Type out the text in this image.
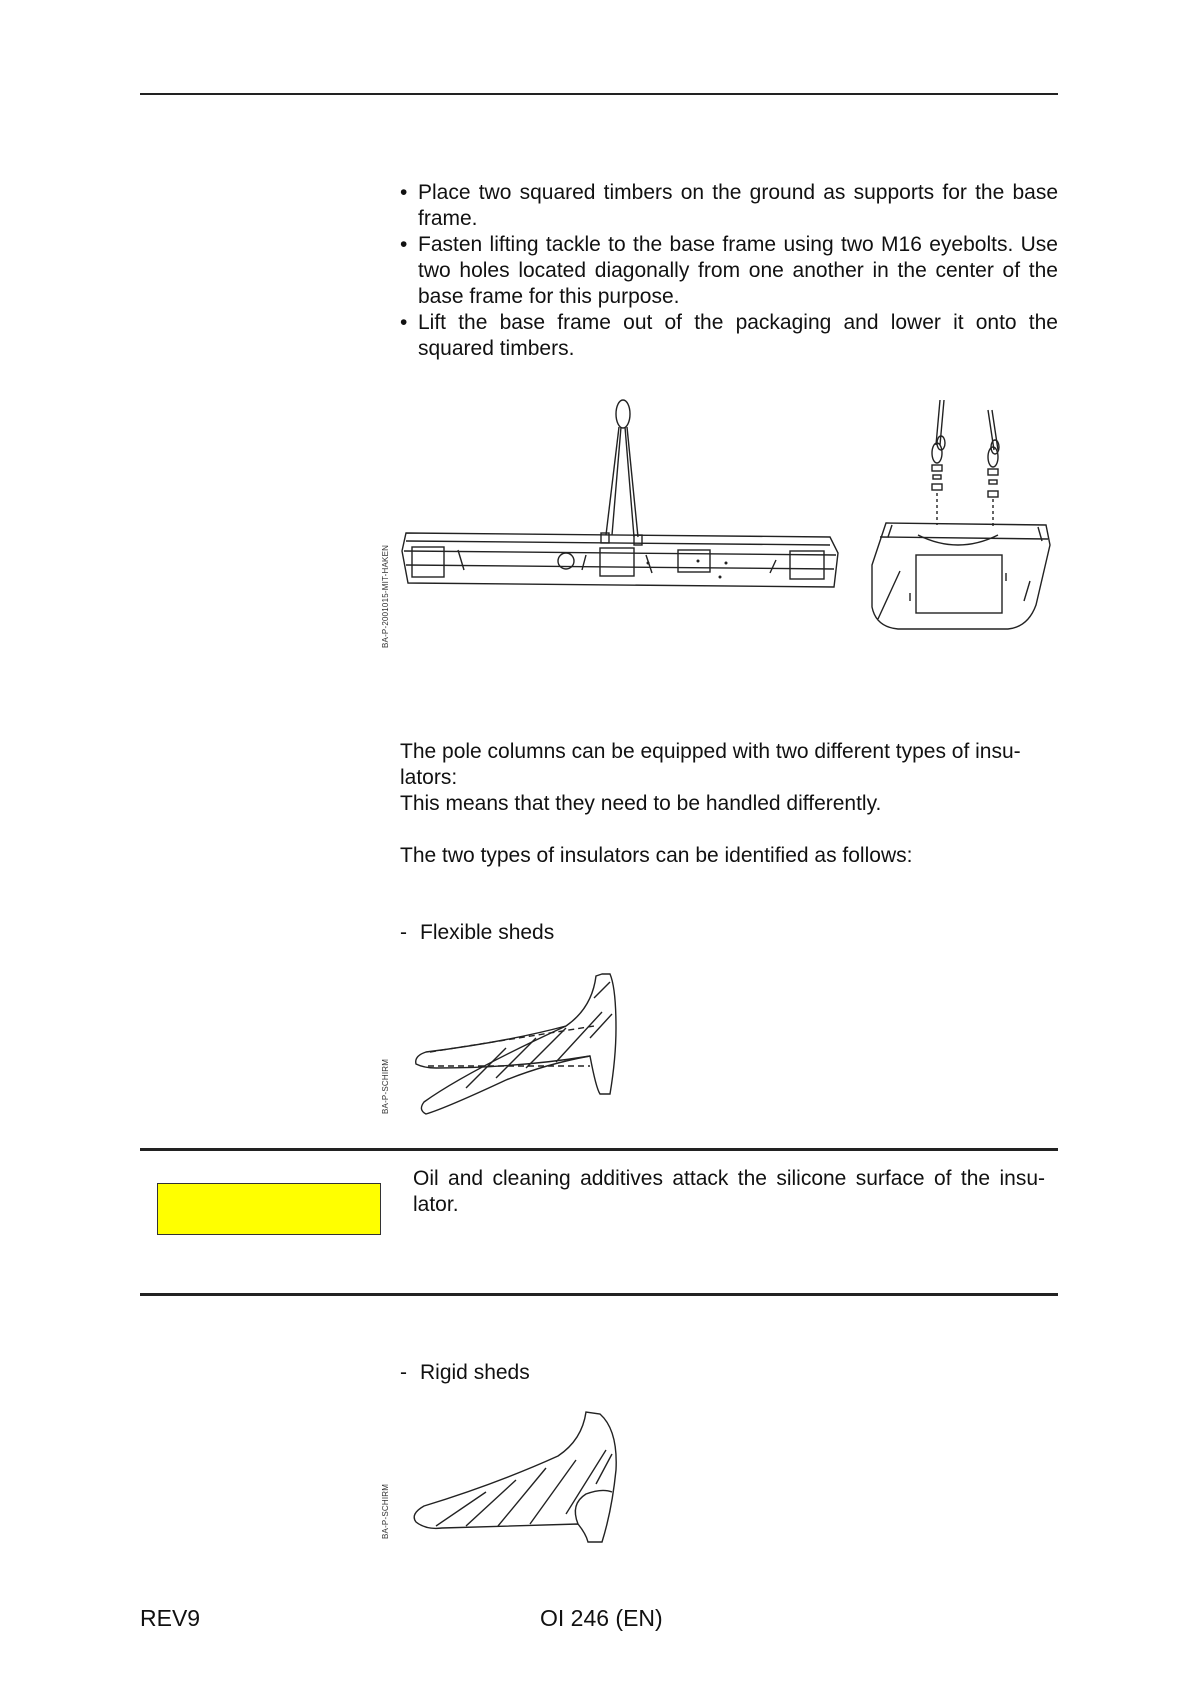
• Place two squared timbers on the ground as supports for the base frame.
• Fasten lifting tackle to the base frame using two M16 eyebolts. Use two holes located diagonally from one another in the center of the base frame for this purpose.
• Lift the base frame out of the packaging and lower it onto the squared timbers.
BA-P-2001015-MIT-HAKEN
The pole columns can be equipped with two different types of insu-lators:
This means that they need to be handled differently.
The two types of insulators can be identified as follows:
- Flexible sheds
BA-P-SCHIRM
Oil and cleaning additives attack the silicone surface of the insu-lator.
- Rigid sheds
BA-P-SCHIRM
REV9	OI 246 (EN)
